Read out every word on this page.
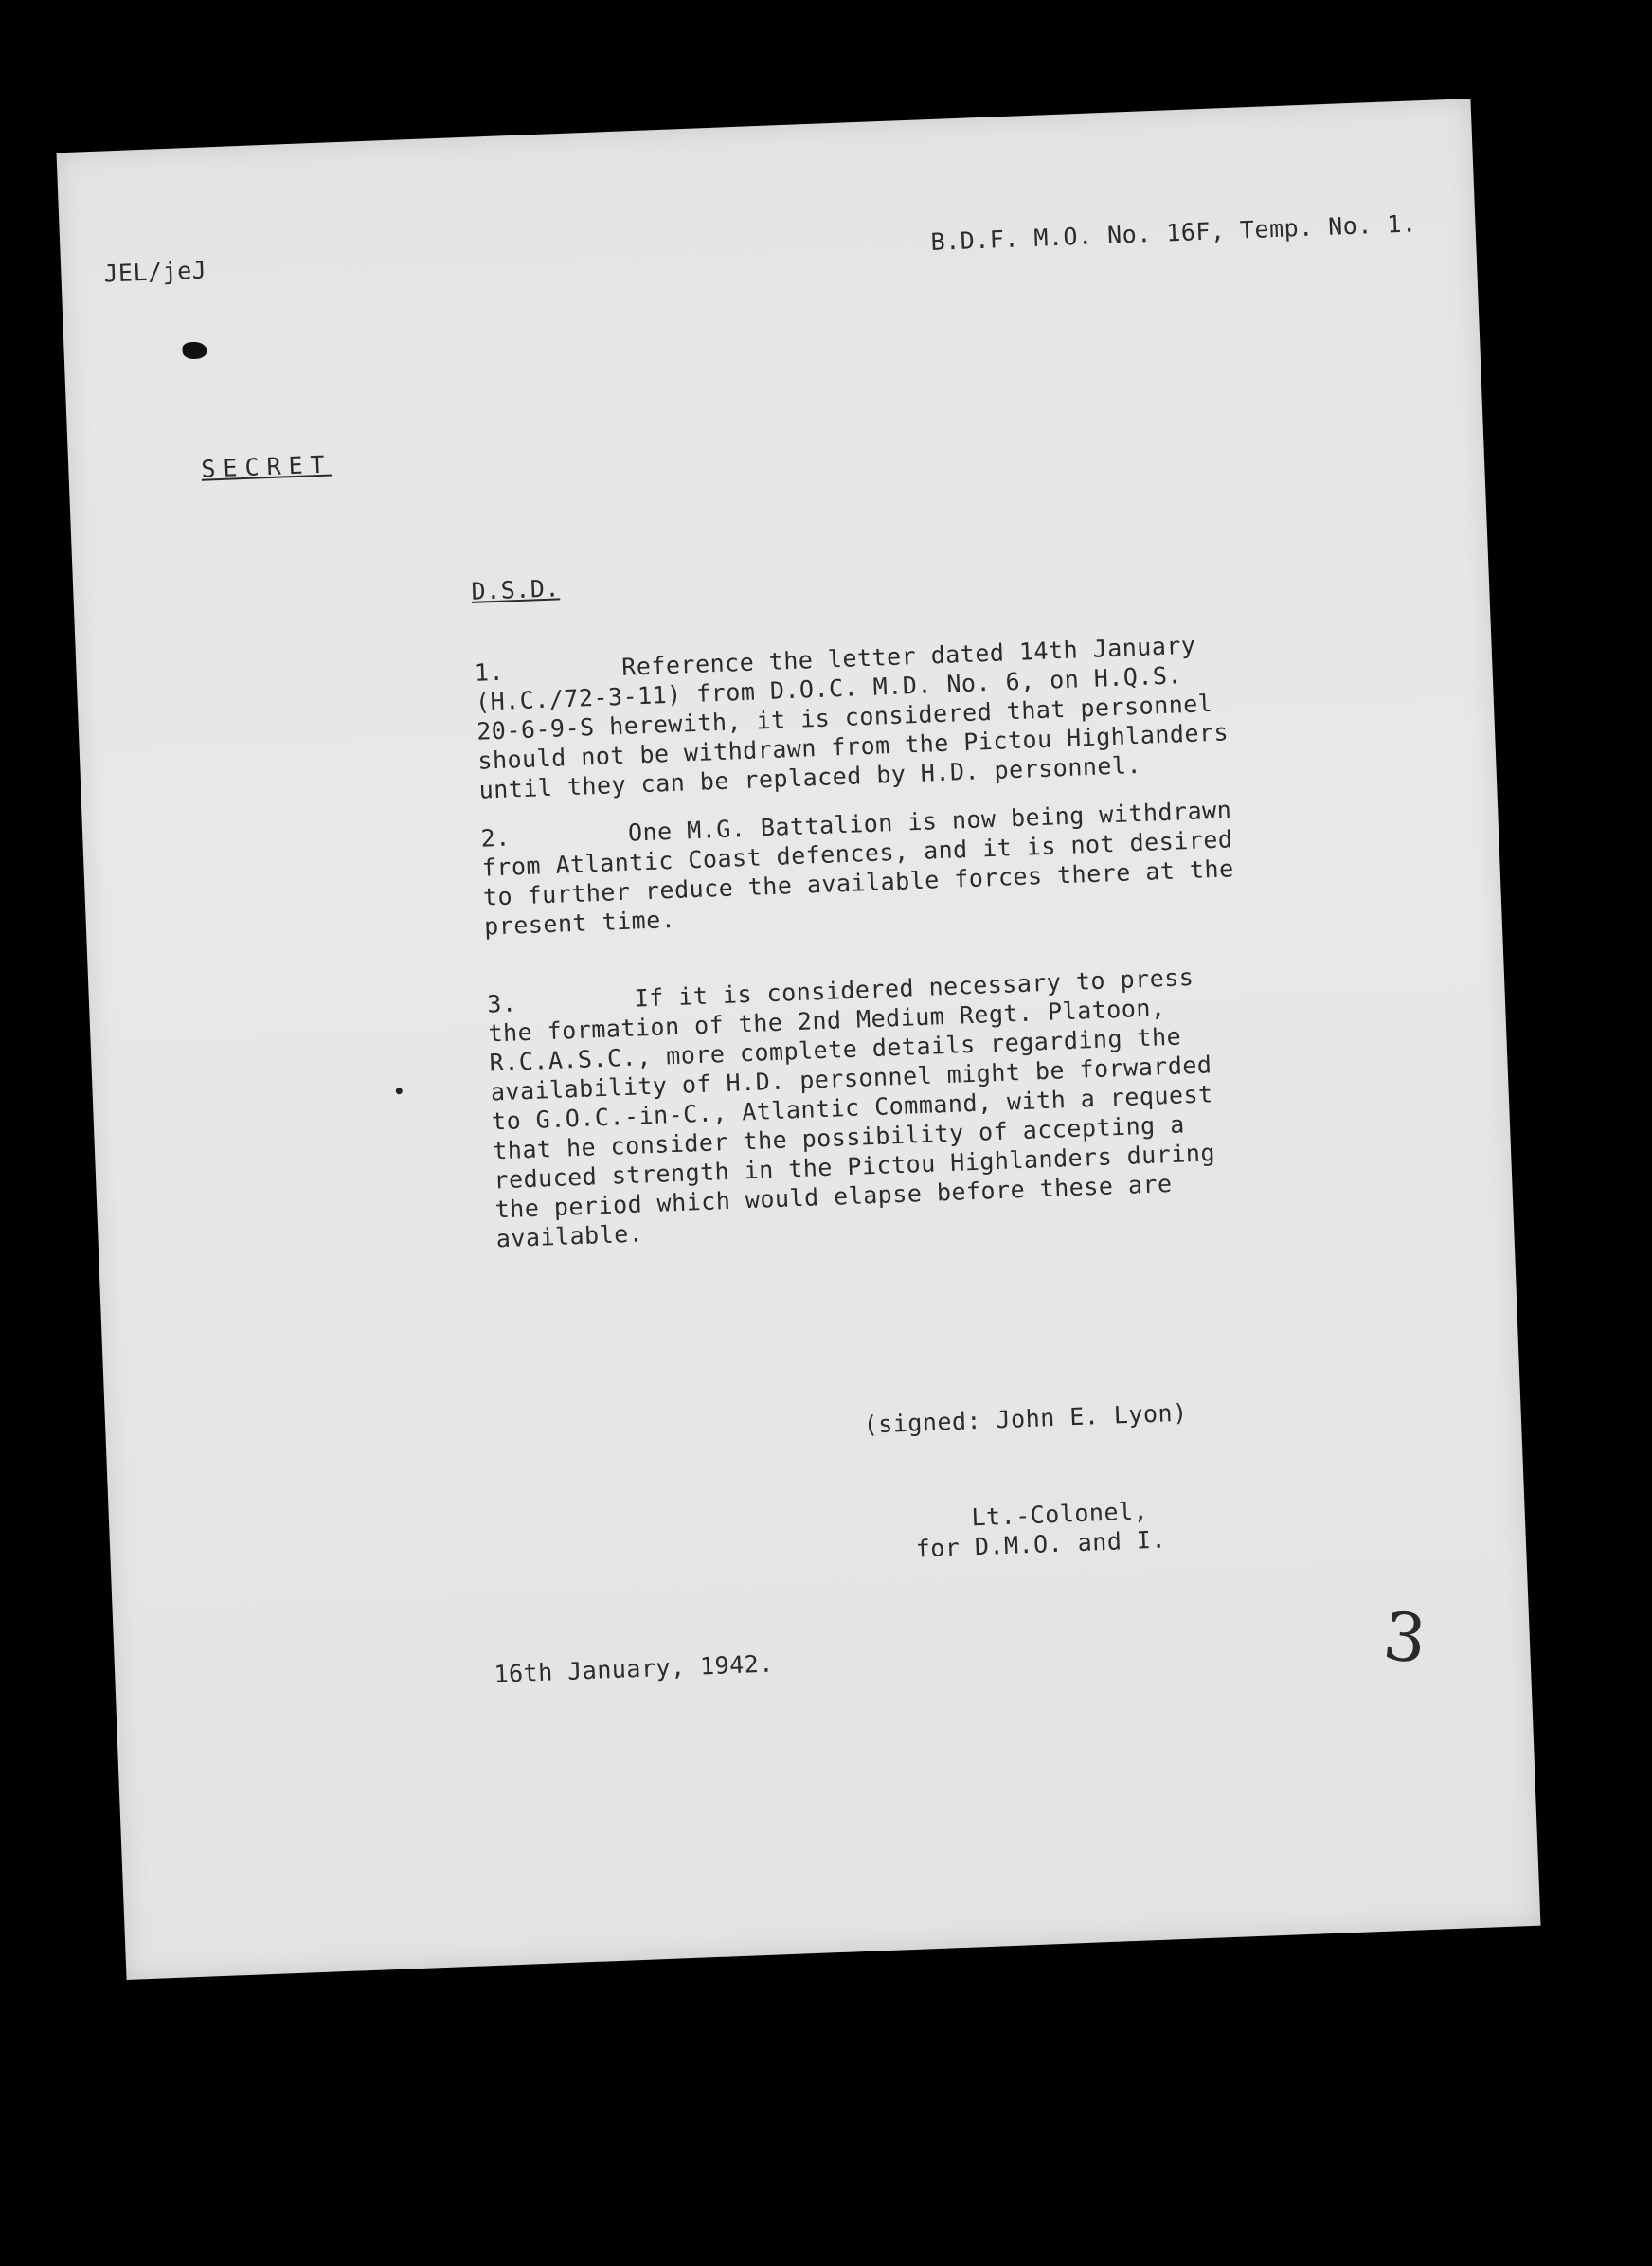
JEL/jeJ
B.D.F. M.O. No. 16F, Temp. No. 1.
SECRET
D.S.D.
1.        Reference the letter dated 14th January
(H.C./72-3-11) from D.O.C. M.D. No. 6, on H.Q.S.
20-6-9-S herewith, it is considered that personnel
should not be withdrawn from the Pictou Highlanders
until they can be replaced by H.D. personnel.
2.        One M.G. Battalion is now being withdrawn
from Atlantic Coast defences, and it is not desired
to further reduce the available forces there at the
present time.
3.        If it is considered necessary to press
the formation of the 2nd Medium Regt. Platoon,
R.C.A.S.C., more complete details regarding the
availability of H.D. personnel might be forwarded
to G.O.C.-in-C., Atlantic Command, with a request
that he consider the possibility of accepting a
reduced strength in the Pictou Highlanders during
the period which would elapse before these are
available.
(signed: John E. Lyon)
Lt.-Colonel,
for D.M.O. and I.
16th January, 1942.	3
